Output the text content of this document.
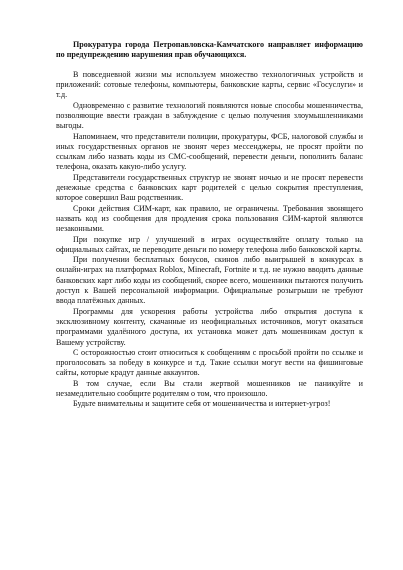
Прокуратура города Петропавловска-Камчатского направляет информацию по предупреждению нарушения прав обучающихся.

В повседневной жизни мы используем множество технологичных устройств и приложений: сотовые телефоны, компьютеры, банковские карты, сервис «Госуслуги» и т.д.

Одновременно с развитие технологий появляются новые способы мошенничества, позволяющие ввести граждан в заблуждение с целью получения злоумышленниками выгоды.

Напоминаем, что представители полиции, прокуратуры, ФСБ, налоговой службы и иных государственных органов не звонят через мессенджеры, не просят пройти по ссылкам либо назвать коды из СМС-сообщений, перевести деньги, пополнить баланс телефона, оказать какую-либо услугу.

Представители государственных структур не звонят ночью и не просят перевести денежные средства с банковских карт родителей с целью сокрытия преступления, которое совершил Ваш родственник.

Сроки действия СИМ-карт, как правило, не ограничены. Требования звонящего назвать код из сообщения для продления срока пользования СИМ-картой являются незаконными.

При покупке игр / улучшений в играх осуществляйте оплату только на официальных сайтах, не переводите деньги по номеру телефона либо банковской карты.

При получении бесплатных бонусов, скинов либо выигрышей в конкурсах в онлайн-играх на платформах Roblox, Minecraft, Fortnite и т.д. не нужно вводить данные банковских карт либо коды из сообщений, скорее всего, мошенники пытаются получить доступ к Вашей персональной информации. Официальные розыгрыши не требуют ввода платёжных данных.

Программы для ускорения работы устройства либо открытия доступа к эксклюзивному контенту, скачанные из неофициальных источников, могут оказаться программами удалённого доступа, их установка может дать мошенникам доступ к Вашему устройству.

С осторожностью стоит относиться к сообщениям с просьбой пройти по ссылке и проголосовать за победу в конкурсе и т.д. Такие ссылки могут вести на фишинговые сайты, которые крадут данные аккаунтов.

В том случае, если Вы стали жертвой мошенников не паникуйте и незамедлительно сообщите родителям о том, что произошло.

Будьте внимательны и защитите себя от мошенничества и интернет-угроз!
